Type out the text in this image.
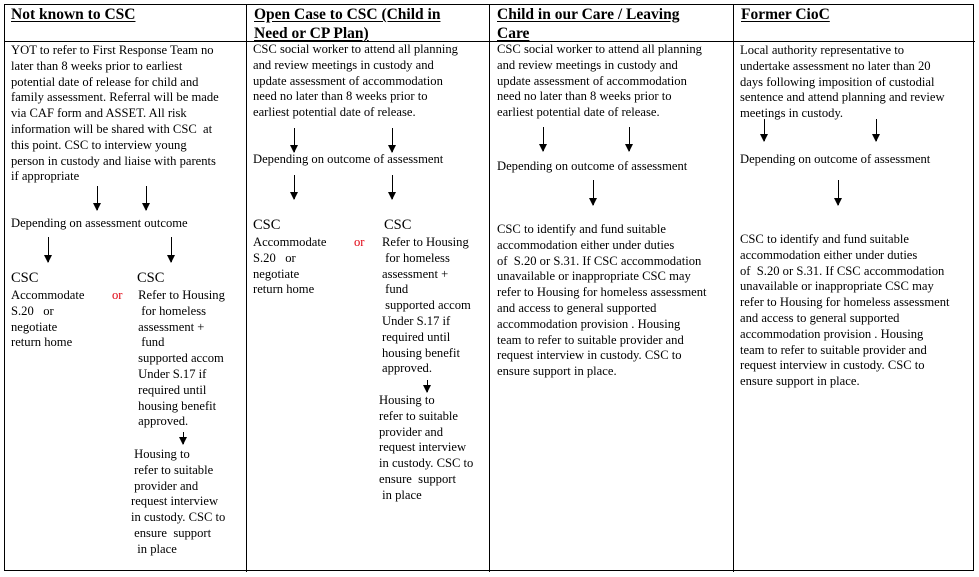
Not known to CSC
YOT to refer to First Response Team no
later than 8 weeks prior to earliest
potential date of release for child and
family assessment. Referral will be made
via CAF form and ASSET. All risk
information will be shared with CSC  at
this point. CSC to interview young
person in custody and liaise with parents
if appropriate
Depending on assessment outcome
CSC
Accommodate
S.20   or
negotiate
return home
or
CSC
Refer to Housing
for homeless
assessment +
fund
supported accom
Under S.17 if
required until
housing benefit
approved.
Housing to
refer to suitable
provider and
request interview
in custody. CSC to
ensure  support
in place
Open Case to CSC (Child in
Need or CP Plan)
CSC social worker to attend all planning
and review meetings in custody and
update assessment of accommodation
need no later than 8 weeks prior to
earliest potential date of release.
Depending on outcome of assessment
CSC
Accommodate
S.20   or
negotiate
return home
or
CSC
Refer to Housing
for homeless
assessment +
fund
supported accom
Under S.17 if
required until
housing benefit
approved.
Housing to
refer to suitable
provider and
request interview
in custody. CSC to
ensure  support
in place
Child in our Care / Leaving
Care
CSC social worker to attend all planning
and review meetings in custody and
update assessment of accommodation
need no later than 8 weeks prior to
earliest potential date of release.
Depending on outcome of assessment
CSC to identify and fund suitable
accommodation either under duties
of  S.20 or S.31. If CSC accommodation
unavailable or inappropriate CSC may
refer to Housing for homeless assessment
and access to general supported
accommodation provision . Housing
team to refer to suitable provider and
request interview in custody. CSC to
ensure support in place.
Former CioC
Local authority representative to
undertake assessment no later than 20
days following imposition of custodial
sentence and attend planning and review
meetings in custody.
Depending on outcome of assessment
CSC to identify and fund suitable
accommodation either under duties
of  S.20 or S.31. If CSC accommodation
unavailable or inappropriate CSC may
refer to Housing for homeless assessment
and access to general supported
accommodation provision . Housing
team to refer to suitable provider and
request interview in custody. CSC to
ensure support in place.
